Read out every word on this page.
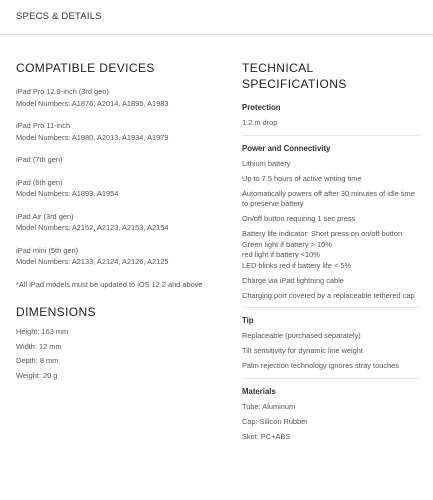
SPECS & DETAILS
COMPATIBLE DEVICES
iPad Pro 12.9-inch (3rd gen)
Model Numbers: A1876, A2014, A1895, A1983
iPad Pro 11-inch
Model Numbers: A1980, A2013, A1934, A1979
iPad (7th gen)
iPad (6th gen)
Model Numbers: A1893, A1954
iPad Air (3rd gen)
Model Numbers: A2152, A2123, A2153, A2154
iPad mini (5th gen)
Model Numbers: A2133, A2124, A2126, A2125
*All iPad models must be updated to iOS 12.2 and above
DIMENSIONS
Height: 163 mm
Width: 12 mm
Depth: 8 mm
Weight: 20 g
TECHNICAL SPECIFICATIONS
Protection
1.2 m drop
Power and Connectivity
Lithium battery
Up to 7.5 hours of active writing time
Automatically powers off after 30 minutes of idle time to preserve battery
On/off button requiring 1 sec press
Battery life indicator: Short press on on/off button
Green light if battery > 10%
red light if battery <10%
LED blinks red if battery life < 5%
Charge via iPad lightning cable
Charging port covered by a replaceable tethered cap
Tip
Replaceable (purchased separately)
Tilt sensitivity for dynamic line weight
Palm rejection technology ignores stray touches
Materials
Tube: Aluminum
Cap: Silicon Rubber
Skirt: PC+ABS
